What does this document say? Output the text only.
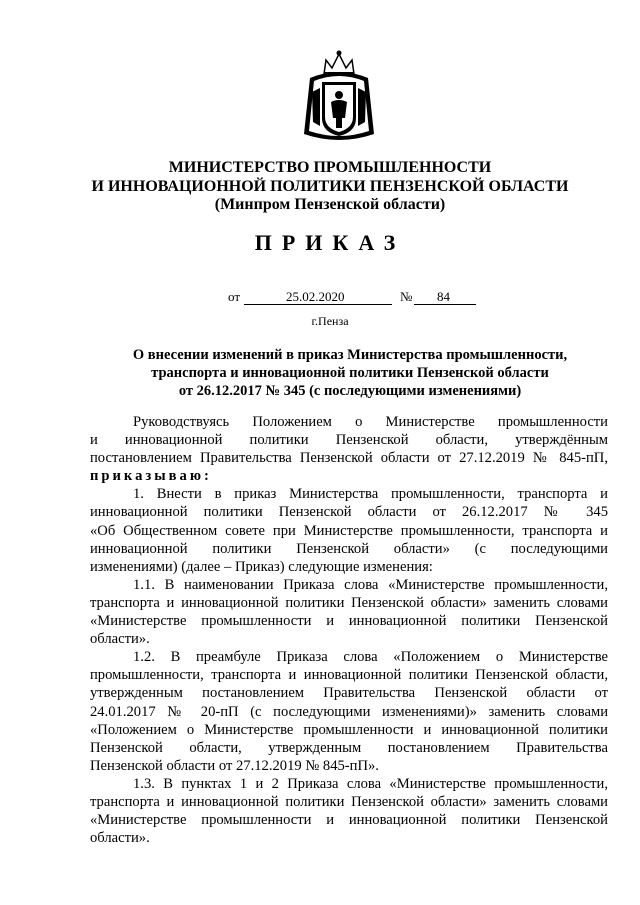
МИНИСТЕРСТВО ПРОМЫШЛЕННОСТИ
И ИННОВАЦИОННОЙ ПОЛИТИКИ ПЕНЗЕНСКОЙ ОБЛАСТИ
(Минпром Пензенской области)
ПРИКАЗ
от	25.02.2020	№ 84
г.Пенза
О внесении изменений в приказ Министерства промышленности,
транспорта и инновационной политики Пензенской области
от 26.12.2017 № 345 (с последующими изменениями)
Руководствуясь Положением о Министерстве промышленности
и инновационной политики Пензенской области, утверждённым
постановлением Правительства Пензенской области от 27.12.2019 № 845-пП,
приказываю:
1. Внести в приказ Министерства промышленности, транспорта и
инновационной политики Пензенской области от 26.12.2017 № 345
«Об Общественном совете при Министерстве промышленности, транспорта и
инновационной политики Пензенской области» (с последующими
изменениями) (далее – Приказ) следующие изменения:
1.1. В наименовании Приказа слова «Министерстве промышленности,
транспорта и инновационной политики Пензенской области» заменить словами
«Министерстве промышленности и инновационной политики Пензенской
области».
1.2. В преамбуле Приказа слова «Положением о Министерстве
промышленности, транспорта и инновационной политики Пензенской области,
утвержденным постановлением Правительства Пензенской области от
24.01.2017 № 20-пП (с последующими изменениями)» заменить словами
«Положением о Министерстве промышленности и инновационной политики
Пензенской области, утвержденным постановлением Правительства
Пензенской области от 27.12.2019 № 845-пП».
1.3. В пунктах 1 и 2 Приказа слова «Министерстве промышленности,
транспорта и инновационной политики Пензенской области» заменить словами
«Министерстве промышленности и инновационной политики Пензенской
области».
